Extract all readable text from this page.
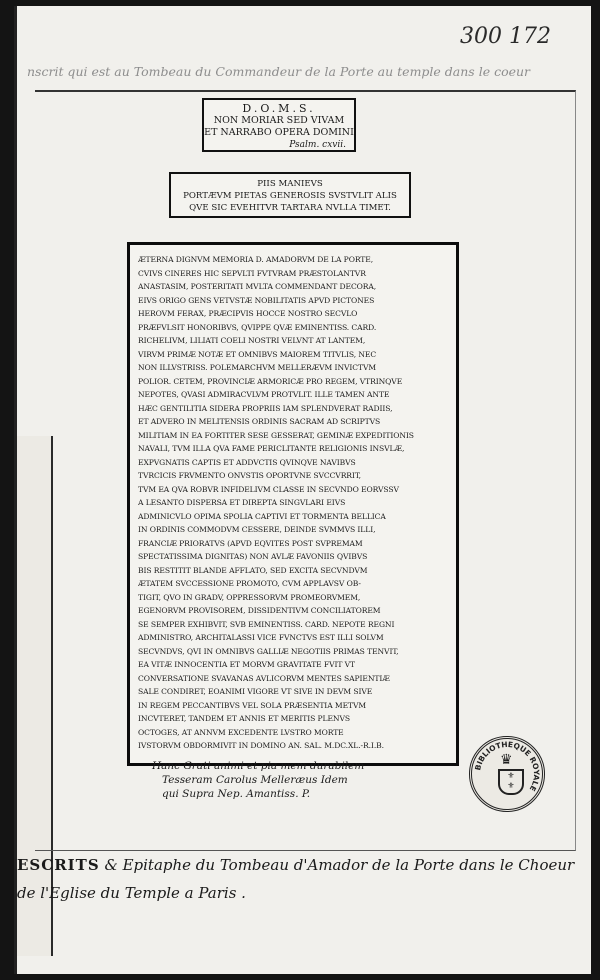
300 172
nscrit qui est au Tombeau du Commandeur de la Porte au temple dans le coeur
D.O.M.S.
NON MORIAR SED VIVAM
ET NARRABO OPERA DOMINI
Psalm. cxvii.
PIIS MANIEVS
PORTÆVM PIETAS GENEROSIS SVSTVLIT ALIS
QVE SIC EVEHITVR TARTARA NVLLA TIMET.
ÆTERNA DIGNVM MEMORIA D. AMADORVM DE LA PORTE,
CVIVS CINERES HIC SEPVLTI FVTVRAM PRÆSTOLANTVR
ANASTASIM, POSTERITATI MVLTA COMMENDANT DECORA,
EIVS ORIGO GENS VETVSTÆ NOBILITATIS APVD PICTONES
HEROVM FERAX, PRÆCIPVIS HOCCE NOSTRO SECVLO
PRÆFVLSIT HONORIBVS, QVIPPE QVÆ EMINENTISS. CARD.
RICHELIVM, LILIATI COELI NOSTRI VELVNT AT LANTEM,
VIRVM PRIMÆ NOTÆ ET OMNIBVS MAIOREM TITVLIS, NEC
NON ILLVSTRISS. POLEMARCHVM MELLERÆVM INVICTVM
POLIOR. CETEM, PROVINCIÆ ARMORICÆ PRO REGEM, VTRINQVE
NEPOTES, QVASI ADMIRACVLVM PROTVLIT. ILLE TAMEN ANTE
HÆC GENTILITIA SIDERA PROPRIIS IAM SPLENDVERAT RADIIS,
ET ADVERO IN MELITENSIS ORDINIS SACRAM AD SCRIPTVS
MILITIAM IN EA FORTITER SESE GESSERAT, GEMINÆ EXPEDITIONIS
NAVALI, TVM ILLA QVA FAME PERICLITANTE RELIGIONIS INSVLÆ,
EXPVGNATIS CAPTIS ET ADDVCTIS QVINQVE NAVIBVS
TVRCICIS FRVMENTO ONVSTIS OPORTVNE SVCCVRRIT,
TVM EA QVA ROBVR INFIDELIVM CLASSE IN SECVNDO EORVSSV
A LESANTO DISPERSA ET DIREPTA SINGVLARI EIVS
ADMINICVLO OPIMA SPOLIA CAPTIVI ET TORMENTA BELLICA
IN ORDINIS COMMODVM CESSERE, DEINDE SVMMVS ILLI,
FRANCIÆ PRIORATVS (APVD EQVITES POST SVPREMAM
SPECTATISSIMA DIGNITAS) NON AVLÆ FAVONIIS QVIBVS
BIS RESTITIT BLANDE AFFLATO, SED EXCITA SECVNDVM
ÆTATEM SVCCESSIONE PROMOTO, CVM APPLAVSV OB-
TIGIT, QVO IN GRADV, OPPRESSORVM PROMEORVMEM,
EGENORVM PROVISOREM, DISSIDENTIVM CONCILIATOREM
SE SEMPER EXHIBVIT, SVB EMINENTISS. CARD. NEPOTE REGNI
ADMINISTRO, ARCHITALASSI VICE FVNCTVS EST ILLI SOLVM
SECVNDVS, QVI IN OMNIBVS GALLIÆ NEGOTIIS PRIMAS TENVIT,
EA VITÆ INNOCENTIA ET MORVM GRAVITATE FVIT VT
CONVERSATIONE SVAVANAS AVLICORVM MENTES SAPIENTIÆ
SALE CONDIRET, EOANIMI VIGORE VT SIVE IN DEVM SIVE
IN REGEM PECCANTIBVS VEL SOLA PRÆSENTIA METVM
INCVTERET, TANDEM ET ANNIS ET MERITIS PLENVS
OCTOGES, AT ANNVM EXCEDENTE LVSTRO MORTE
IVSTORVM OBDORMIVIT IN DOMINO AN. SAL. M.DC.XL.-R.I.B.
Hanc Grati animi et pia mem durabilem
Tesseram Carolus Melleræus Idem
qui Supra Nep. Amantiss. P.
BIBLIOTHEQUE ROYALE
♛
⚜
⚜
ESCRITS & Epitaphe du Tombeau d'Amador de la Porte dans le Choeur
de l'Eglise du Temple a Paris .
